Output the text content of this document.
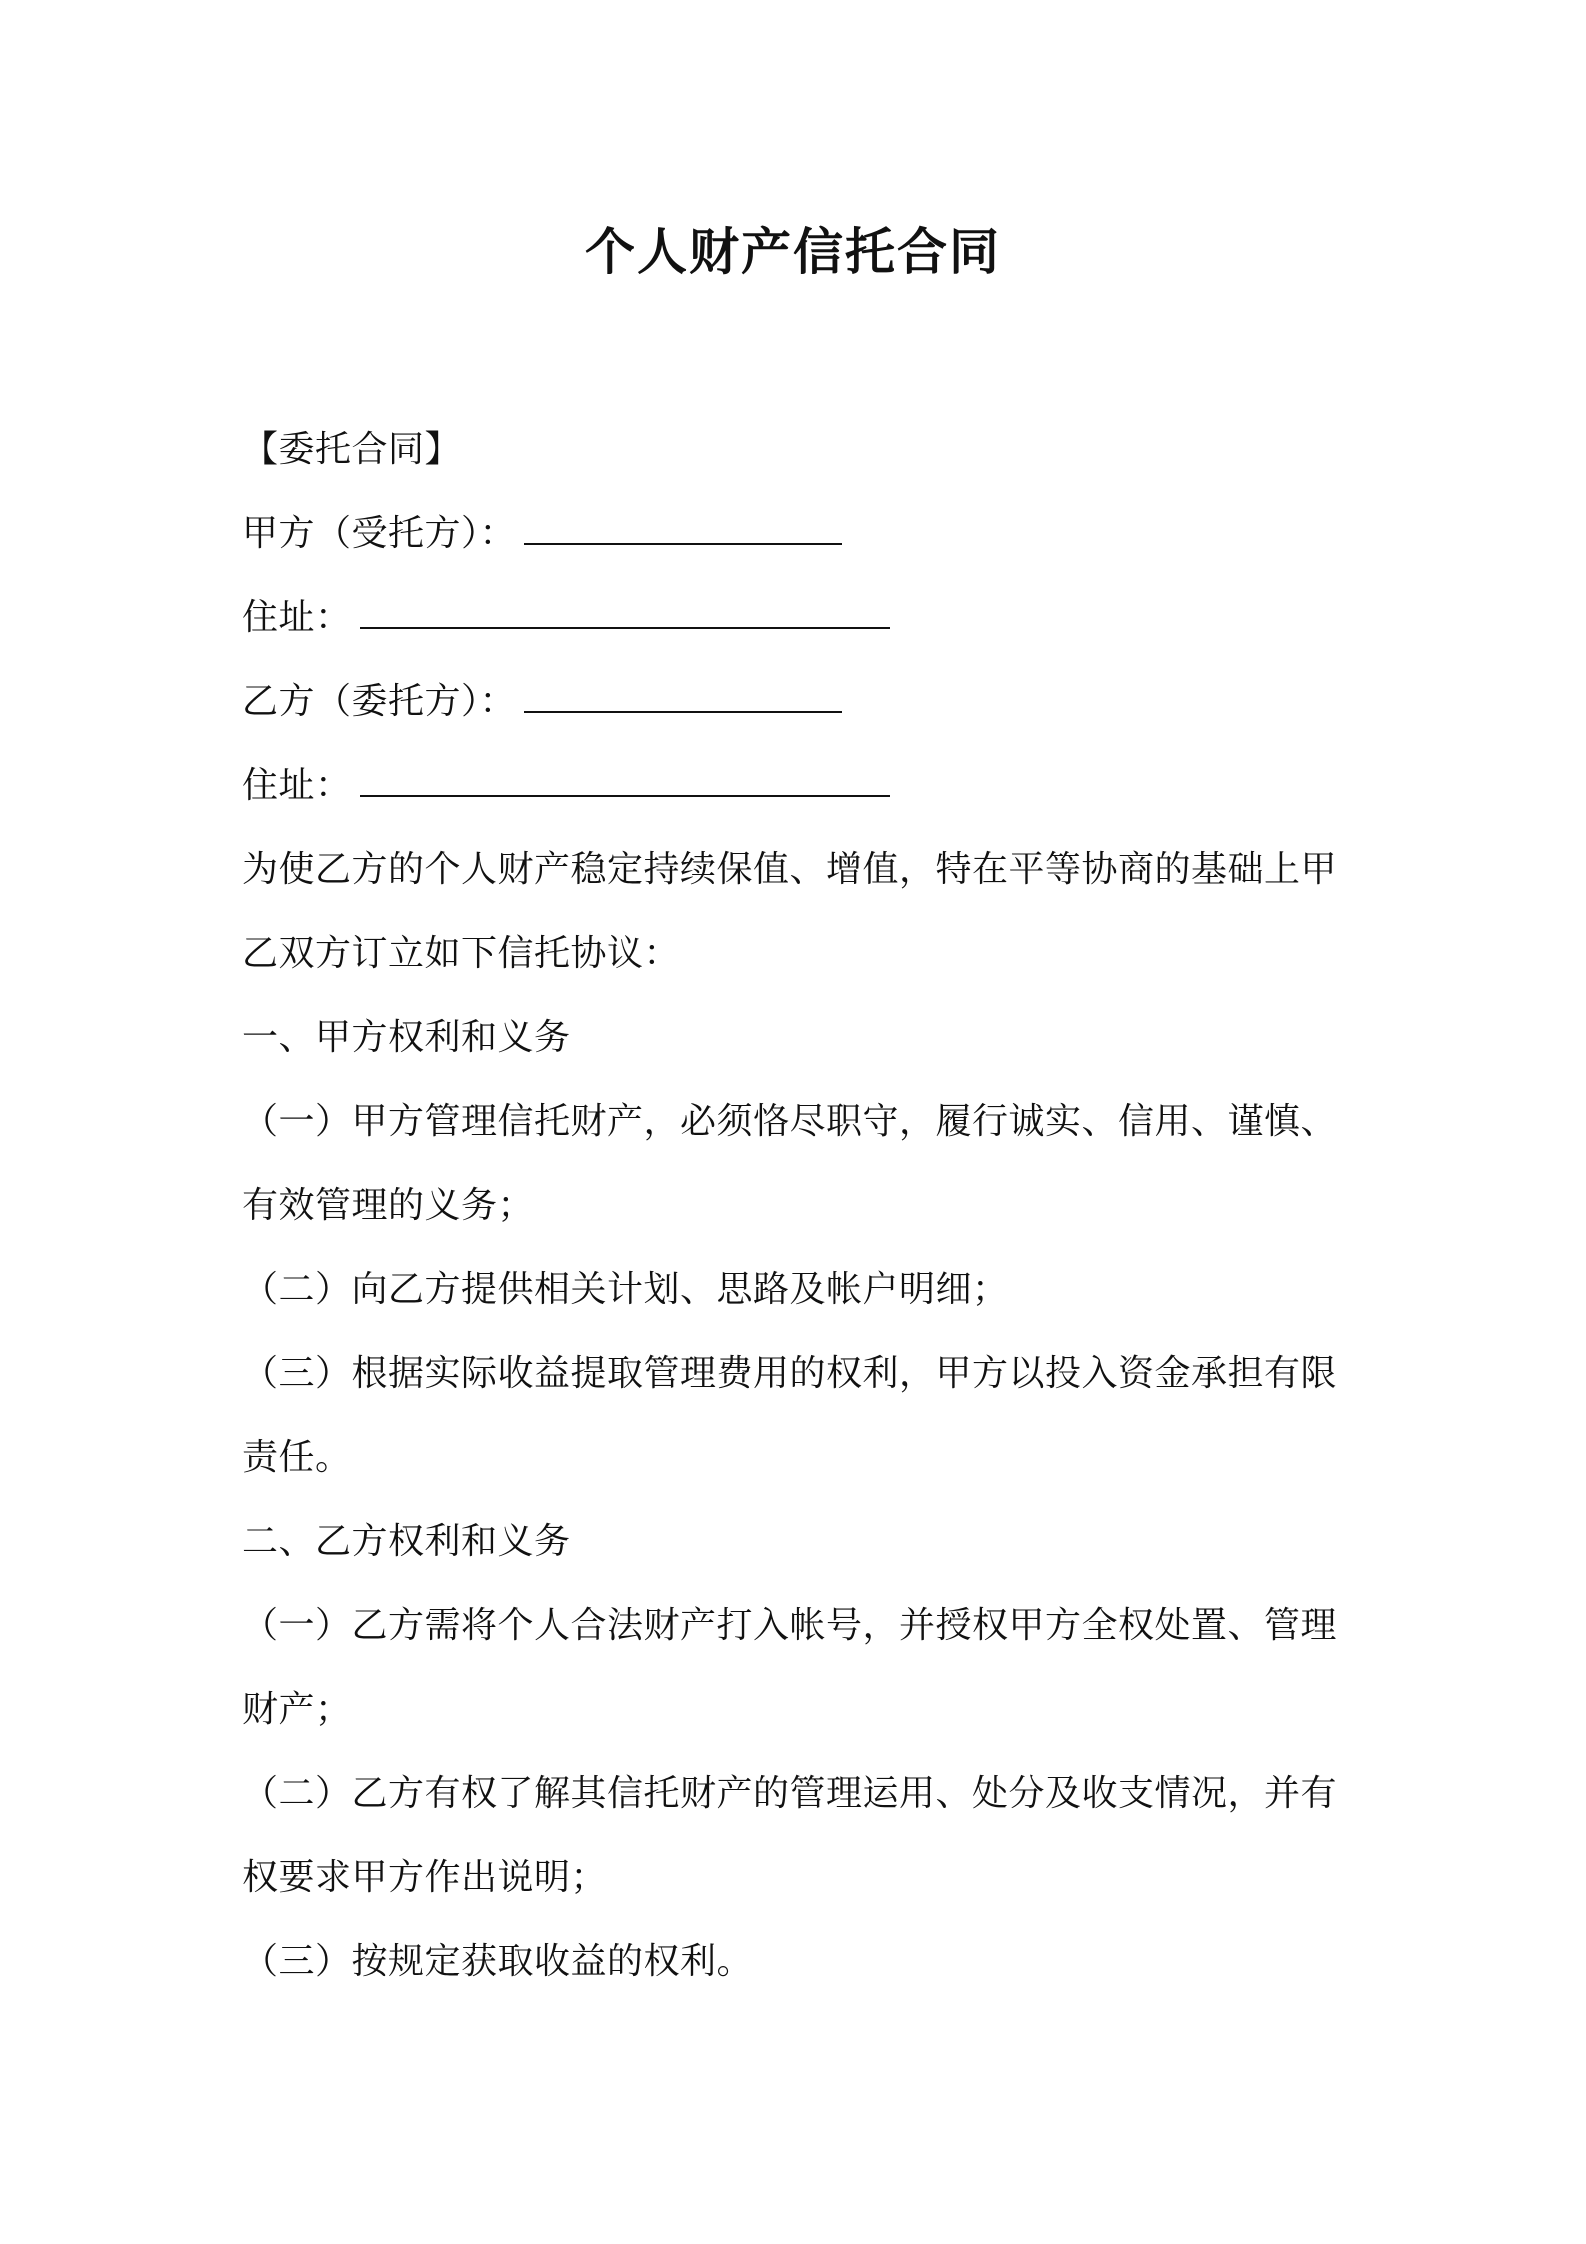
个人财产信托合同
【委托合同】
甲方（受托方）：
住址：
乙方（委托方）：
住址：
为使乙方的个人财产稳定持续保值、增值，特在平等协商的基础上甲
乙双方订立如下信托协议：
一、甲方权利和义务
（一）甲方管理信托财产，必须恪尽职守，履行诚实、信用、谨慎、
有效管理的义务；
（二）向乙方提供相关计划、思路及帐户明细；
（三）根据实际收益提取管理费用的权利，甲方以投入资金承担有限
责任。
二、乙方权利和义务
（一）乙方需将个人合法财产打入帐号，并授权甲方全权处置、管理
财产；
（二）乙方有权了解其信托财产的管理运用、处分及收支情况，并有
权要求甲方作出说明；
（三）按规定获取收益的权利。
